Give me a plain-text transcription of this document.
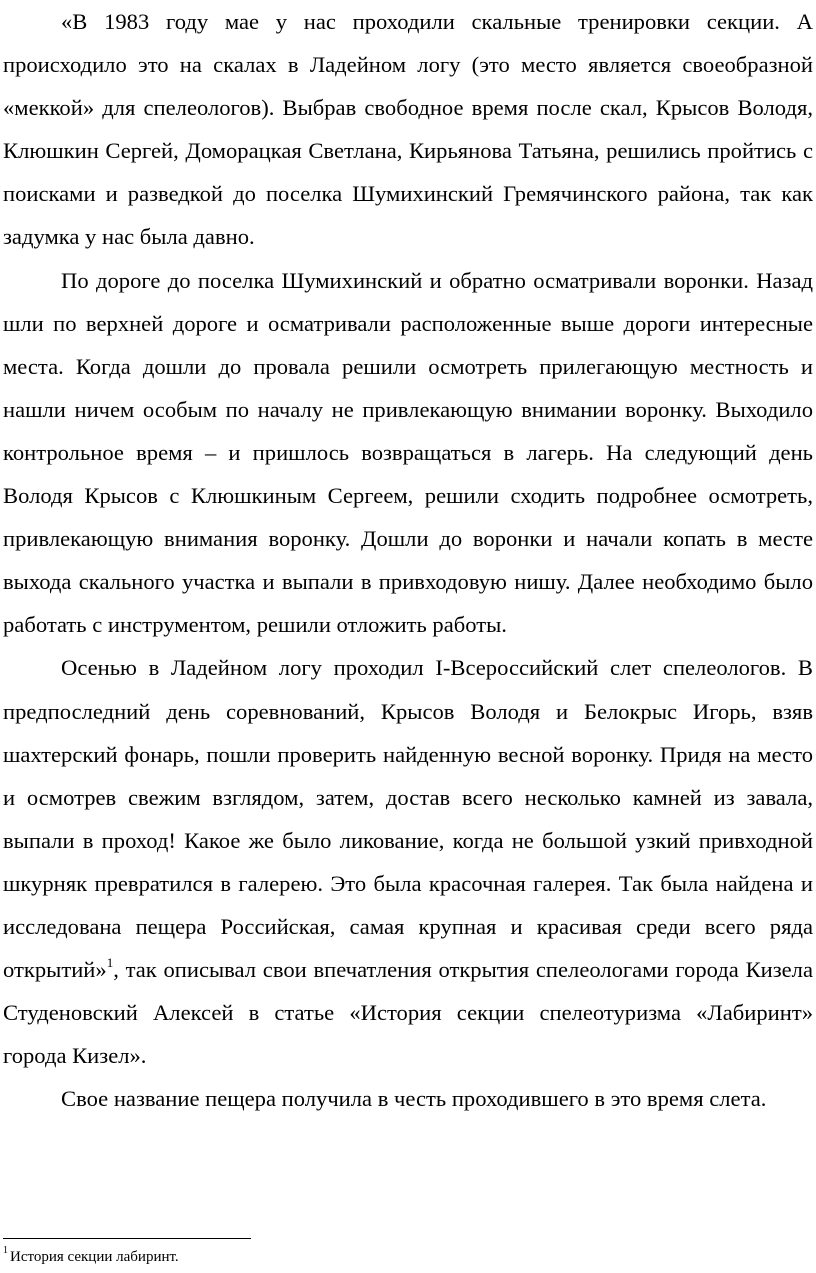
«В 1983 году мае у нас проходили скальные тренировки секции. А происходило это на скалах в Ладейном логу (это место является своеобразной «меккой» для спелеологов). Выбрав свободное время после скал, Крысов Володя, Клюшкин Сергей, Доморацкая Светлана, Кирьянова Татьяна, решились пройтись с поисками и разведкой до поселка Шумихинский Гремячинского района, так как задумка у нас была давно.

По дороге до поселка Шумихинский и обратно осматривали воронки. Назад шли по верхней дороге и осматривали расположенные выше дороги интересные места. Когда дошли до провала решили осмотреть прилегающую местность и нашли ничем особым по началу не привлекающую внимании воронку. Выходило контрольное время – и пришлось возвращаться в лагерь. На следующий день Володя Крысов с Клюшкиным Сергеем, решили сходить подробнее осмотреть, привлекающую внимания воронку. Дошли до воронки и начали копать в месте выхода скального участка и выпали в привходовую нишу. Далее необходимо было работать с инструментом, решили отложить работы.

Осенью в Ладейном логу проходил I-Всероссийский слет спелеологов. В предпоследний день соревнований, Крысов Володя и Белокрыс Игорь, взяв шахтерский фонарь, пошли проверить найденную весной воронку. Придя на место и осмотрев свежим взглядом, затем, достав всего несколько камней из завала, выпали в проход! Какое же было ликование, когда не большой узкий привходной шкурняк превратился в галерею. Это была красочная галерея. Так была найдена и исследована пещера Российская, самая крупная и красивая среди всего ряда открытий»$^1$, так описывал свои впечатления открытия спелеологами города Кизела Студеновский Алексей в статье «История секции спелеотуризма «Лабиринт» города Кизел».

Свое название пещера получила в честь проходившего в это время слета.

$^1$ История секции лабиринт.
